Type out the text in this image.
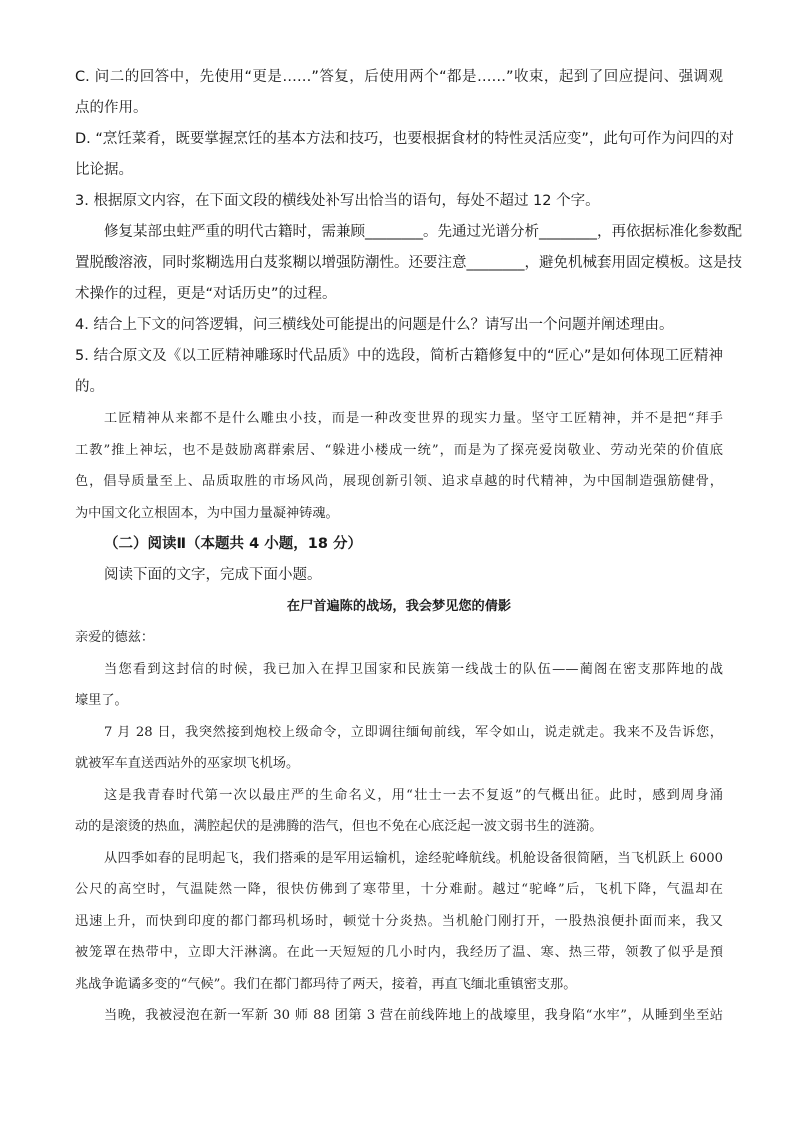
C. 问二的回答中，先使用“更是……”答复，后使用两个“都是……”收束，起到了回应提问、强调观

点的作用。

D. “烹饪菜肴，既要掌握烹饪的基本方法和技巧，也要根据食材的特性灵活应变”，此句可作为问四的对

比论据。

3. 根据原文内容，在下面文段的横线处补写出恰当的语句，每处不超过 12 个字。

修复某部虫蛀严重的明代古籍时，需兼顾________。先通过光谱分析________，再依据标准化参数配

置脱酸溶液，同时浆糊选用白芨浆糊以增强防潮性。还要注意________，避免机械套用固定模板。这是技

术操作的过程，更是“对话历史”的过程。

4. 结合上下文的问答逻辑，问三横线处可能提出的问题是什么？请写出一个问题并阐述理由。

5. 结合原文及《以工匠精神雕琢时代品质》中的选段，简析古籍修复中的“匠心”是如何体现工匠精神

的。

工匠精神从来都不是什么雕虫小技，而是一种改变世界的现实力量。坚守工匠精神，并不是把“拜手

工教”推上神坛，也不是鼓励离群索居、“躲进小楼成一统”，而是为了探亮爱岗敬业、劳动光荣的价值底

色，倡导质量至上、品质取胜的市场风尚，展现创新引领、追求卓越的时代精神，为中国制造强筋健骨，

为中国文化立根固本，为中国力量凝神铸魂。

（二）阅读Ⅱ（本题共 4 小题，18 分）

阅读下面的文字，完成下面小题。

在尸首遍陈的战场，我会梦见您的倩影

亲爱的德兹：

当您看到这封信的时候，我已加入在捍卫国家和民族第一线战士的队伍——蔺阁在密支那阵地的战

壕里了。

7 月 28 日，我突然接到炮校上级命令，立即调往缅甸前线，军令如山，说走就走。我来不及告诉您，

就被军车直送西站外的巫家坝飞机场。

这是我青春时代第一次以最庄严的生命名义，用“壮士一去不复返”的气概出征。此时，感到周身涌

动的是滚烫的热血，满腔起伏的是沸腾的浩气，但也不免在心底泛起一波文弱书生的涟漪。

从四季如春的昆明起飞，我们搭乘的是军用运输机，途经驼峰航线。机舱设备很简陋，当飞机跃上 6000

公尺的高空时，气温陡然一降，很快仿佛到了寒带里，十分难耐。越过“驼峰”后，飞机下降，气温却在

迅速上升，而快到印度的都门都玛机场时，顿觉十分炎热。当机舱门刚打开，一股热浪便扑面而来，我又

被笼罩在热带中，立即大汗淋漓。在此一天短短的几小时内，我经历了温、寒、热三带，领教了似乎是預

兆战争诡谲多变的“气候”。我们在都门都玛待了两天，接着，再直飞缅北重镇密支那。

当晚，我被浸泡在新一军新 30 师 88 团第 3 营在前线阵地上的战壕里，我身陷“水牢”，从睡到坐至站
